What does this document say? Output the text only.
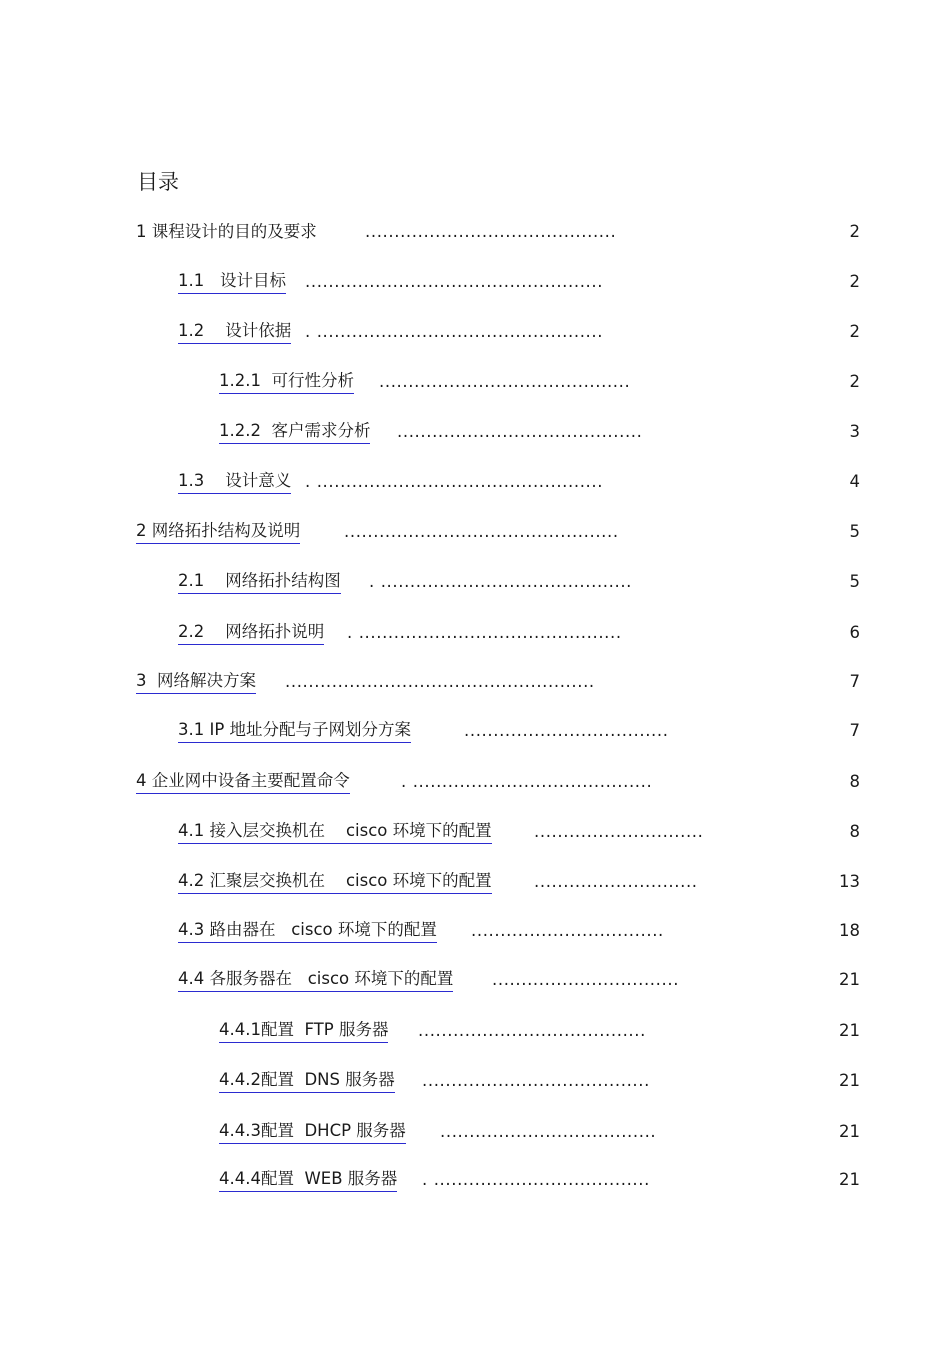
目录
1 课程设计的目的及要求	...........................................	2
1.1   设计目标 ...................................................	2
1.2    设计依据 . .................................................	2
1.2.1  可行性分析 ...........................................	2
1.2.2  客户需求分析 ..........................................	3
1.3    设计意义 . .................................................	4
2 网络拓扑结构及说明	...............................................	5
2.1    网络拓扑结构图 . ...........................................	5
2.2    网络拓扑说明 . .............................................	6
3  网络解决方案 .....................................................	7
3.1 IP 地址分配与子网划分方案	...................................	7
4 企业网中设备主要配置命令	. .........................................	8
4.1 接入层交换机在    cisco 环境下的配置	.............................	8
4.2 汇聚层交换机在    cisco 环境下的配置	............................	13
4.3 路由器在   cisco 环境下的配置 .................................	18
4.4 各服务器在   cisco 环境下的配置 ................................	21
4.4.1配置  FTP 服务器 .......................................	21
4.4.2配置  DNS 服务器 .......................................	21
4.4.3配置  DHCP 服务器 .....................................	21
4.4.4配置  WEB 服务器 . .....................................	21
